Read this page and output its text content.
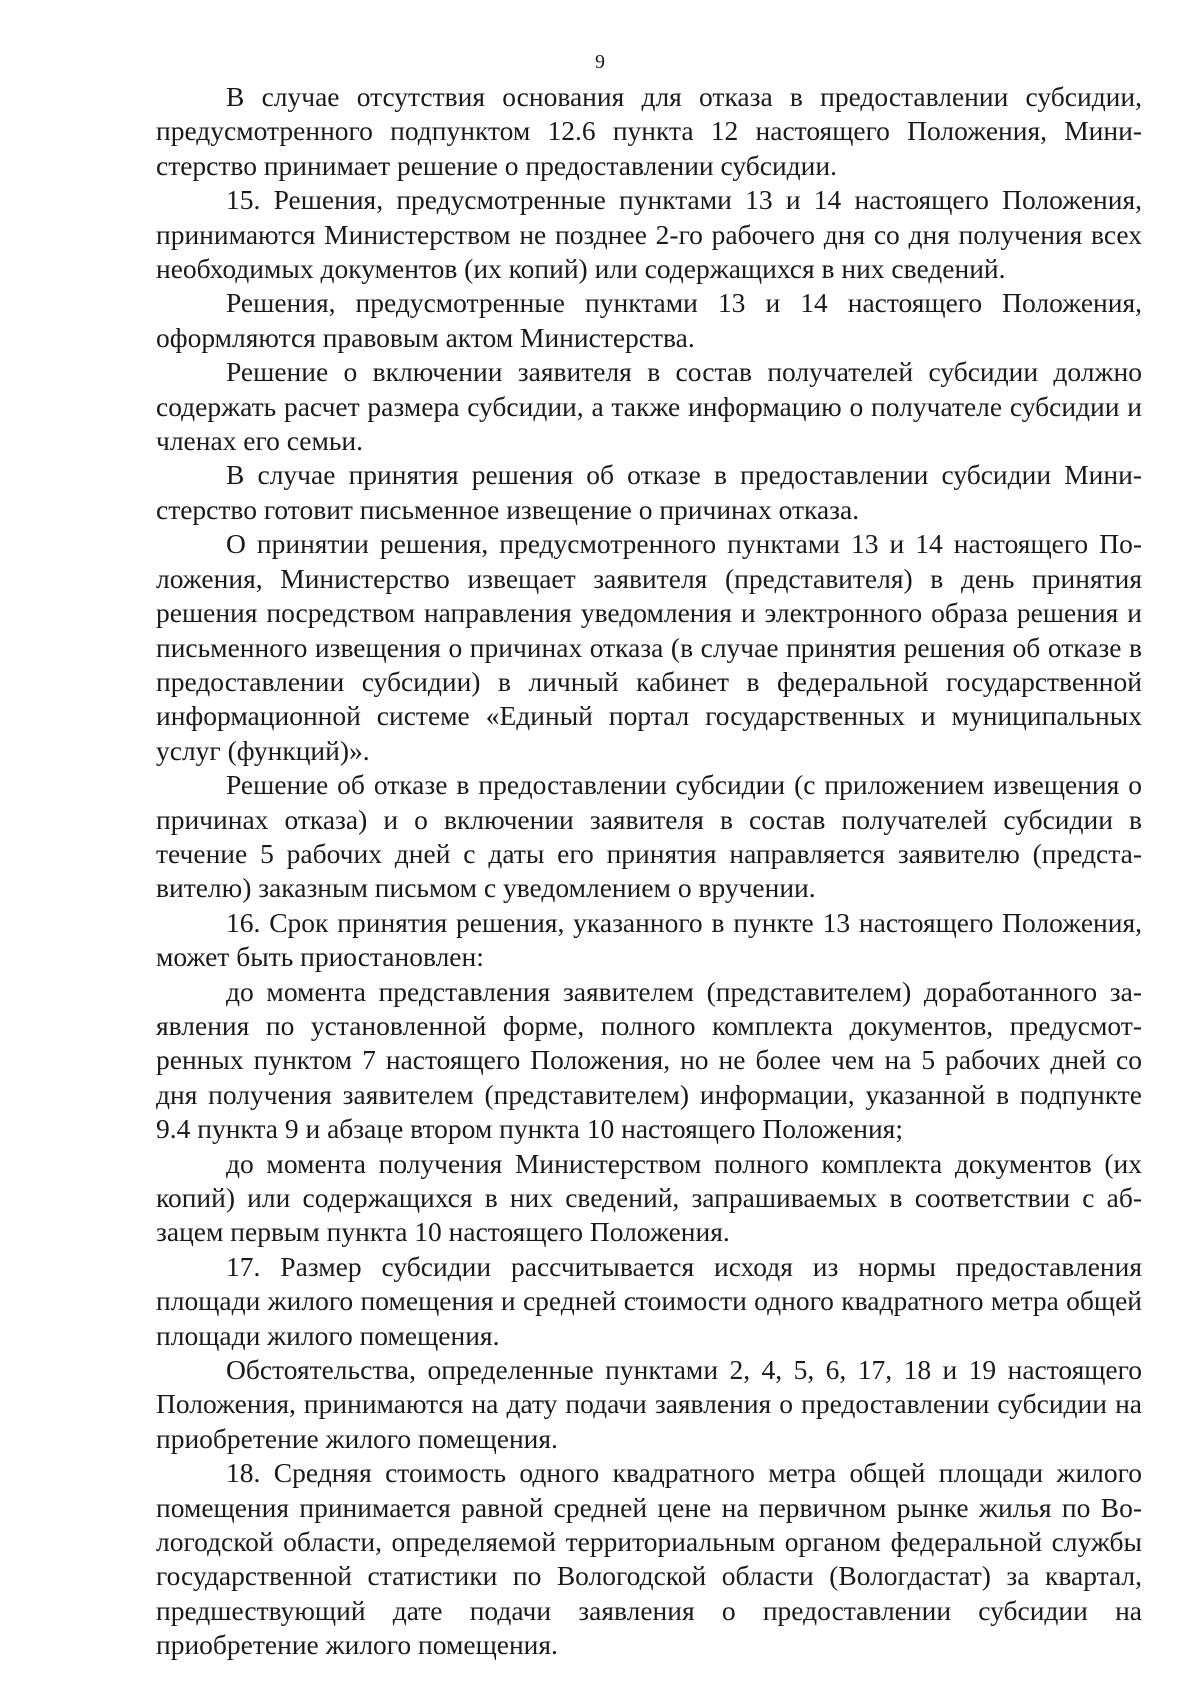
9

В случае отсутствия основания для отказа в предоставлении субсидии, предусмотренного подпунктом 12.6 пункта 12 настоящего Положения, Министерство принимает решение о предоставлении субсидии.

15. Решения, предусмотренные пунктами 13 и 14 настоящего Положения, принимаются Министерством не позднее 2-го рабочего дня со дня получения всех необходимых документов (их копий) или содержащихся в них сведений.

Решения, предусмотренные пунктами 13 и 14 настоящего Положения, оформляются правовым актом Министерства.

Решение о включении заявителя в состав получателей субсидии должно содержать расчет размера субсидии, а также информацию о получателе субсидии и членах его семьи.

В случае принятия решения об отказе в предоставлении субсидии Министерство готовит письменное извещение о причинах отказа.

О принятии решения, предусмотренного пунктами 13 и 14 настоящего Положения, Министерство извещает заявителя (представителя) в день принятия решения посредством направления уведомления и электронного образа решения и письменного извещения о причинах отказа (в случае принятия решения об отказе в предоставлении субсидии) в личный кабинет в федеральной государственной информационной системе «Единый портал государственных и муниципальных услуг (функций)».

Решение об отказе в предоставлении субсидии (с приложением извещения о причинах отказа) и о включении заявителя в состав получателей субсидии в течение 5 рабочих дней с даты его принятия направляется заявителю (представителю) заказным письмом с уведомлением о вручении.

16. Срок принятия решения, указанного в пункте 13 настоящего Положения, может быть приостановлен:

до момента представления заявителем (представителем) доработанного заявления по установленной форме, полного комплекта документов, предусмотренных пунктом 7 настоящего Положения, но не более чем на 5 рабочих дней со дня получения заявителем (представителем) информации, указанной в подпункте 9.4 пункта 9 и абзаце втором пункта 10 настоящего Положения;

до момента получения Министерством полного комплекта документов (их копий) или содержащихся в них сведений, запрашиваемых в соответствии с абзацем первым пункта 10 настоящего Положения.

17. Размер субсидии рассчитывается исходя из нормы предоставления площади жилого помещения и средней стоимости одного квадратного метра общей площади жилого помещения.

Обстоятельства, определенные пунктами 2, 4, 5, 6, 17, 18 и 19 настоящего Положения, принимаются на дату подачи заявления о предоставлении субсидии на приобретение жилого помещения.

18. Средняя стоимость одного квадратного метра общей площади жилого помещения принимается равной средней цене на первичном рынке жилья по Вологодской области, определяемой территориальным органом федеральной службы государственной статистики по Вологодской области (Вологдастат) за квартал, предшествующий дате подачи заявления о предоставлении субсидии на приобретение жилого помещения.
